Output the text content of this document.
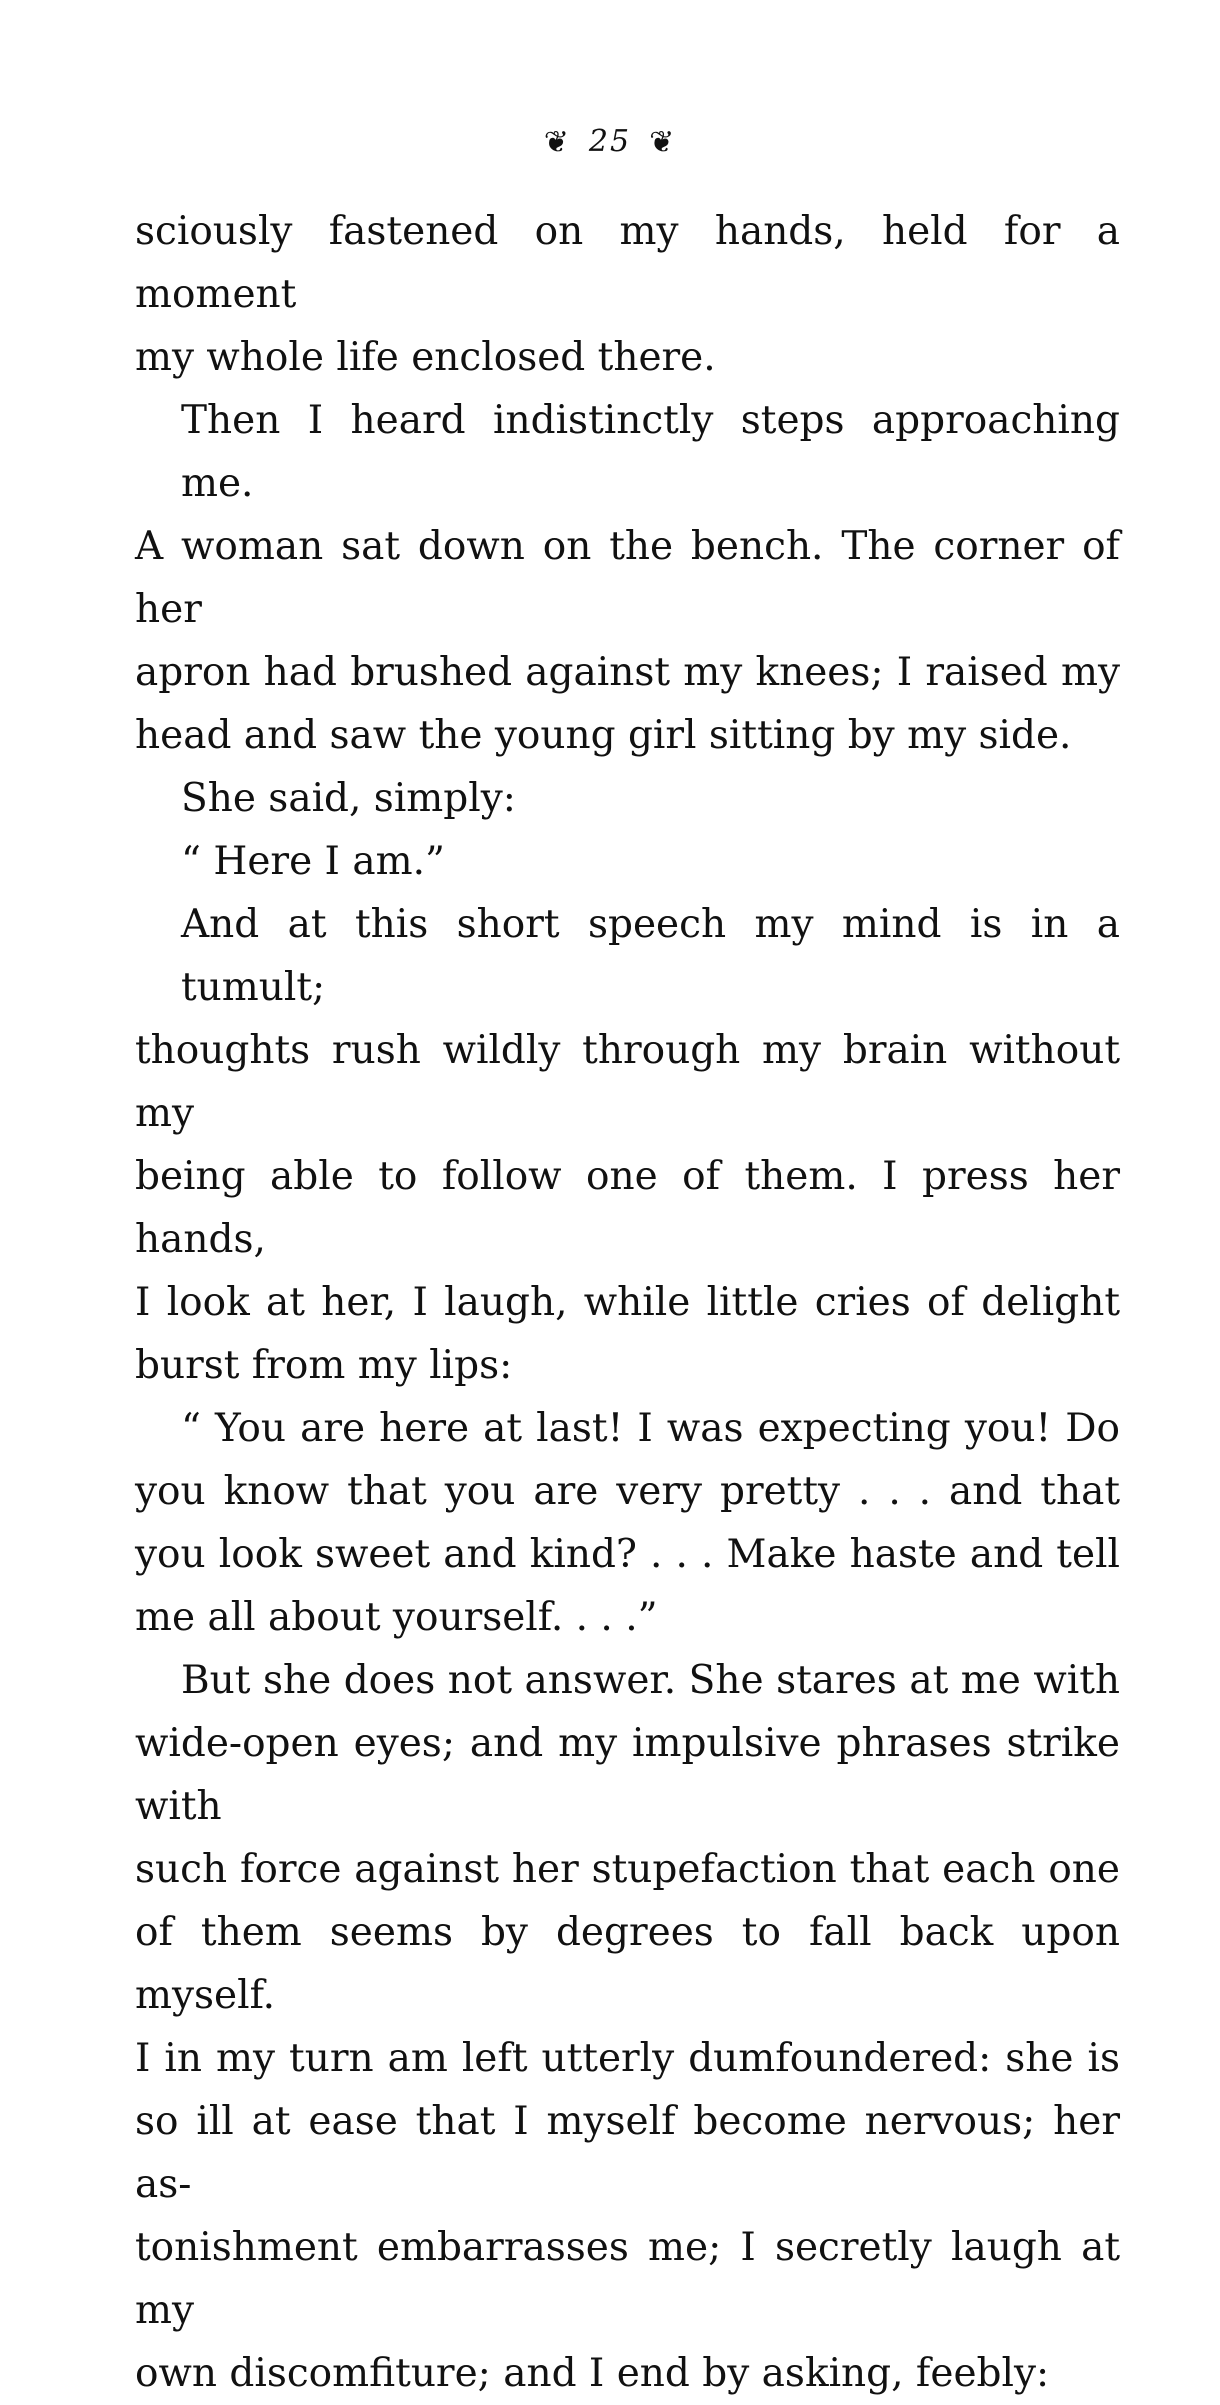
❦ 25 ❦
sciously fastened on my hands, held for a moment
my whole life enclosed there.
Then I heard indistinctly steps approaching me.
A woman sat down on the bench. The corner of her
apron had brushed against my knees; I raised my
head and saw the young girl sitting by my side.
She said, simply:
“ Here I am.”
And at this short speech my mind is in a tumult;
thoughts rush wildly through my brain without my
being able to follow one of them. I press her hands,
I look at her, I laugh, while little cries of delight
burst from my lips:
“ You are here at last! I was expecting you! Do
you know that you are very pretty . . . and that
you look sweet and kind? . . . Make haste and tell
me all about yourself. . . .”
But she does not answer. She stares at me with
wide-open eyes; and my impulsive phrases strike with
such force against her stupefaction that each one
of them seems by degrees to fall back upon myself.
I in my turn am left utterly dumfoundered: she is
so ill at ease that I myself become nervous; her as-
tonishment embarrasses me; I secretly laugh at my
own discomfiture; and I end by asking, feebly:
